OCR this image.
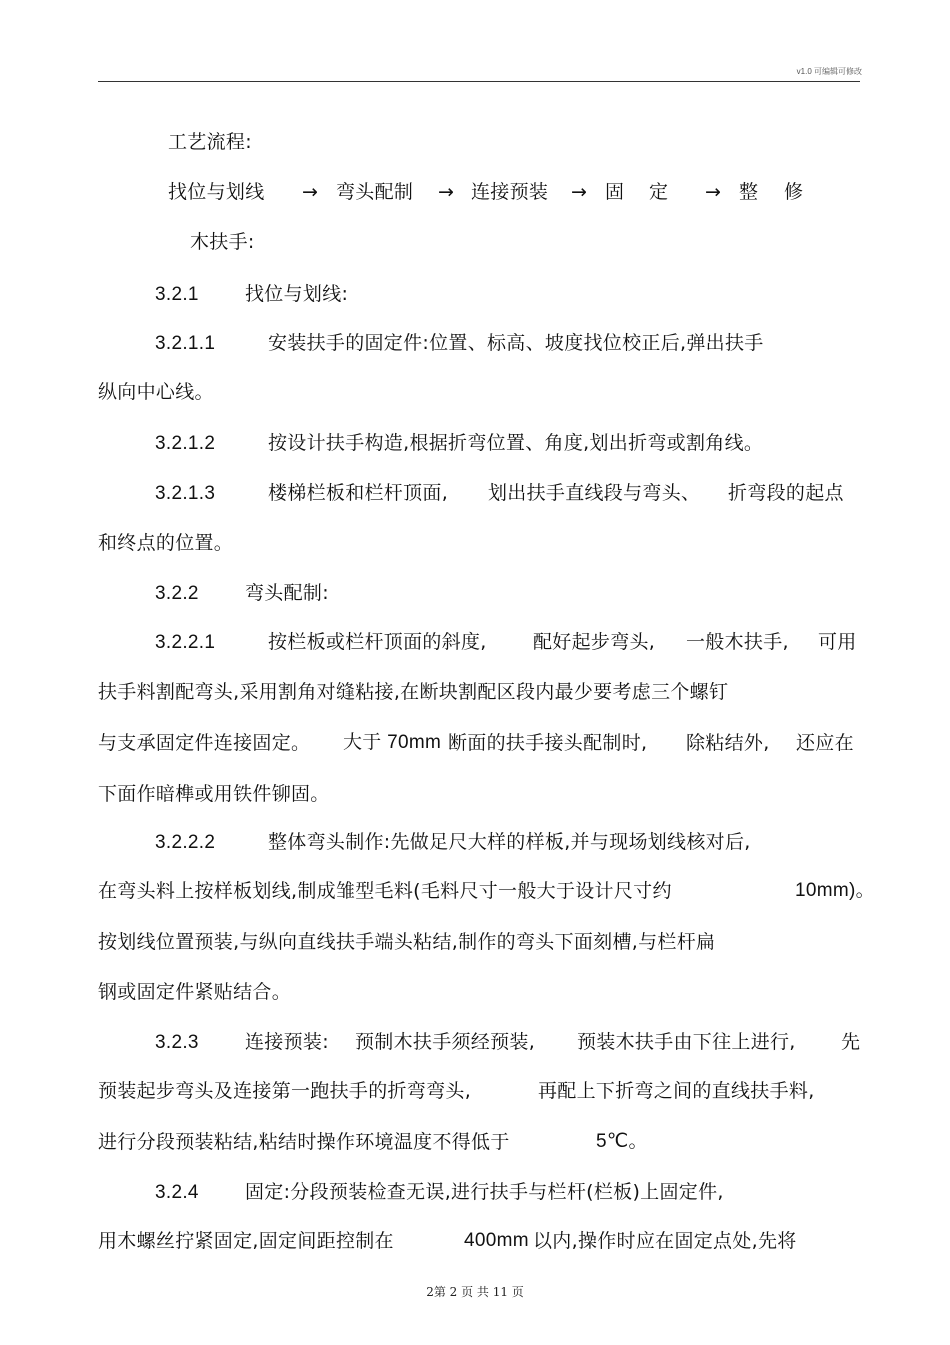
v1.0 可编辑可修改
工艺流程:
找位与划线 → 弯头配制 → 连接预装 → 固 定 → 整 修
木扶手:
3.2.1 找位与划线:
3.2.1.1	安装扶手的固定件:位置、标高、坡度找位校正后,弹出扶手
纵向中心线。
3.2.1.2	按设计扶手构造,根据折弯位置、角度,划出折弯或割角线。
3.2.1.3	楼梯栏板和栏杆顶面, 划出扶手直线段与弯头、 折弯段的起点
和终点的位置。
3.2.2 弯头配制:
3.2.2.1	按栏板或栏杆顶面的斜度, 配好起步弯头, 一般木扶手, 可用
扶手料割配弯头,采用割角对缝粘接,在断块割配区段内最少要考虑三个螺钉
与支承固定件连接固定。 大于 70mm 断面的扶手接头配制时, 除粘结外, 还应在
下面作暗榫或用铁件铆固。
3.2.2.2	整体弯头制作:先做足尺大样的样板,并与现场划线核对后,
在弯头料上按样板划线,制成雏型毛料(毛料尺寸一般大于设计尺寸约	10mm)。
按划线位置预装,与纵向直线扶手端头粘结,制作的弯头下面刻槽,与栏杆扁
钢或固定件紧贴结合。
3.2.3 连接预装: 预制木扶手须经预装, 预装木扶手由下往上进行, 先
预装起步弯头及连接第一跑扶手的折弯弯头,	再配上下折弯之间的直线扶手料,
进行分段预装粘结,粘结时操作环境温度不得低于	5℃。
3.2.4 固定:分段预装检查无误,进行扶手与栏杆(栏板)上固定件,
用木螺丝拧紧固定,固定间距控制在	400mm 以内,操作时应在固定点处,先将
2第 2 页 共 11 页
